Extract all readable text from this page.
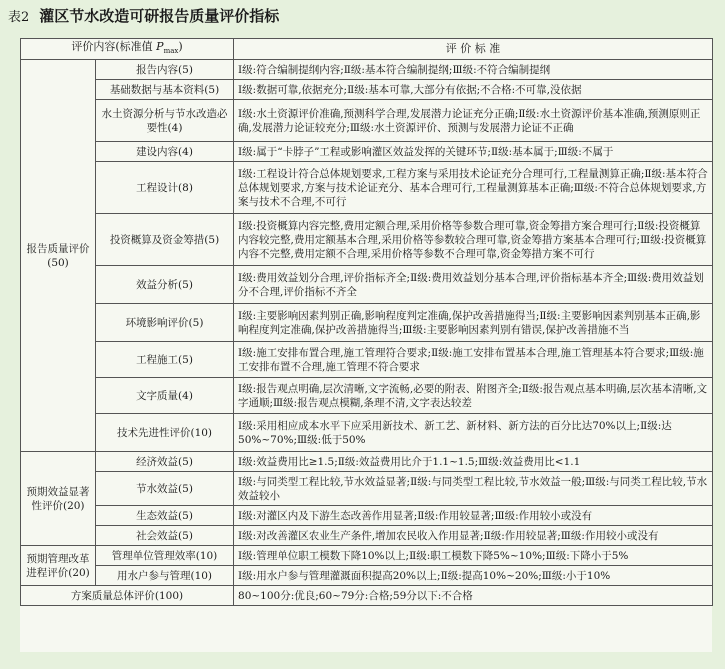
表2 灌区节水改造可研报告质量评价指标
评价内容(标准值 $P_{max}$)		评 价 标 准
报告质量评价(50)	报告内容(5)	Ⅰ级:符合编制提纲内容;Ⅱ级:基本符合编制提纲;Ⅲ级:不符合编制提纲
	基础数据与基本资料(5)	Ⅰ级:数据可靠,依据充分;Ⅱ级:基本可靠,大部分有依据;不合格:不可靠,没依据
	水土资源分析与节水改造必要性(4)	Ⅰ级:水土资源评价准确,预测科学合理,发展潜力论证充分正确;Ⅱ级:水土资源评价基本准确,预测原则正确,发展潜力论证较充分;Ⅲ级:水土资源评价、预测与发展潜力论证不正确
	建设内容(4)	Ⅰ级:属于“卡脖子”工程或影响灌区效益发挥的关键环节;Ⅱ级:基本属于;Ⅲ级:不属于
	工程设计(8)	Ⅰ级:工程设计符合总体规划要求,工程方案与采用技术论证充分合理可行,工程量测算正确;Ⅱ级:基本符合总体规划要求,方案与技术论证充分、基本合理可行,工程量测算基本正确;Ⅲ级:不符合总体规划要求,方案与技术不合理,不可行
	投资概算及资金筹措(5)	Ⅰ级:投资概算内容完整,费用定额合理,采用价格等参数合理可靠,资金筹措方案合理可行;Ⅱ级:投资概算内容较完整,费用定额基本合理,采用价格等参数较合理可靠,资金筹措方案基本合理可行;Ⅲ级:投资概算内容不完整,费用定额不合理,采用价格等参数不合理可靠,资金筹措方案不可行
	效益分析(5)	Ⅰ级:费用效益划分合理,评价指标齐全;Ⅱ级:费用效益划分基本合理,评价指标基本齐全;Ⅲ级:费用效益划分不合理,评价指标不齐全
	环境影响评价(5)	Ⅰ级:主要影响因素判别正确,影响程度判定准确,保护改善措施得当;Ⅱ级:主要影响因素判别基本正确,影响程度判定准确,保护改善措施得当;Ⅲ级:主要影响因素判别有错误,保护改善措施不当
	工程施工(5)	Ⅰ级:施工安排布置合理,施工管理符合要求;Ⅱ级:施工安排布置基本合理,施工管理基本符合要求;Ⅲ级:施工安排布置不合理,施工管理不符合要求
	文字质量(4)	Ⅰ级:报告观点明确,层次清晰,文字流畅,必要的附表、附图齐全;Ⅱ级:报告观点基本明确,层次基本清晰,文字通顺;Ⅲ级:报告观点模糊,条理不清,文字表达较差
	技术先进性评价(10)	Ⅰ级:采用相应成本水平下应采用新技术、新工艺、新材料、新方法的百分比达70%以上;Ⅱ级:达50%~70%;Ⅲ级:低于50%
预期效益显著性评价(20)	经济效益(5)	Ⅰ级:效益费用比≥1.5;Ⅱ级:效益费用比介于1.1~1.5;Ⅲ级:效益费用比<1.1
	节水效益(5)	Ⅰ级:与同类型工程比较,节水效益显著;Ⅱ级:与同类型工程比较,节水效益一般;Ⅲ级:与同类工程比较,节水效益较小
	生态效益(5)	Ⅰ级:对灌区内及下游生态改善作用显著;Ⅱ级:作用较显著;Ⅲ级:作用较小或没有
	社会效益(5)	Ⅰ级:对改善灌区农业生产条件,增加农民收入作用显著;Ⅱ级:作用较显著;Ⅲ级:作用较小或没有
预期管理改革进程评价(20)	管理单位管理效率(10)	Ⅰ级:管理单位职工模数下降10%以上;Ⅱ级:职工模数下降5%~10%;Ⅲ级:下降小于5%
	用水户参与管理(10)	Ⅰ级:用水户参与管理灌溉面积提高20%以上;Ⅱ级:提高10%~20%;Ⅲ级:小于10%
方案质量总体评价(100)		80~100分:优良;60~79分:合格;59分以下:不合格
